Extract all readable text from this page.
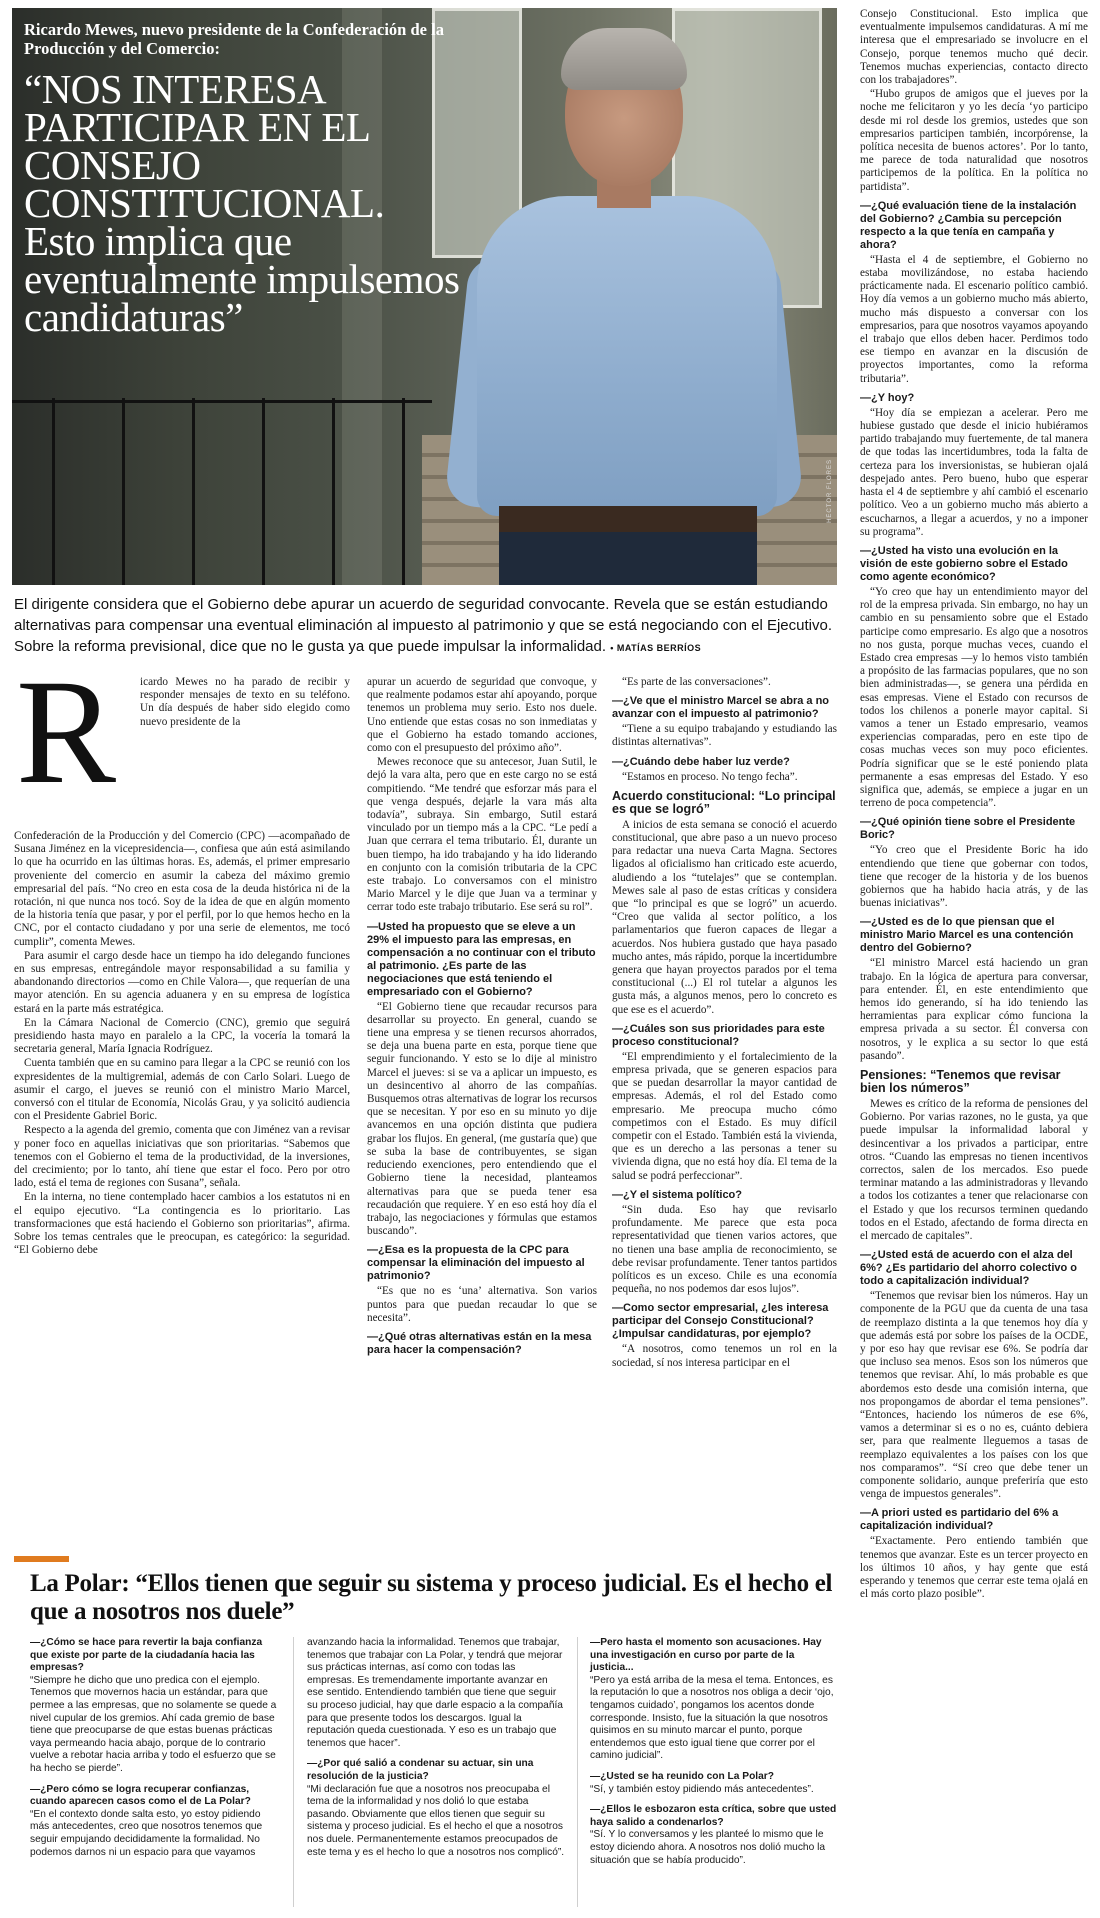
HÉCTOR FLORES
Ricardo Mewes, nuevo presidente de la Confederación de la Producción y del Comercio:
“NOS INTERESA PARTICIPAR EN EL CONSEJO CONSTITUCIONAL. Esto implica que eventualmente impulsemos candidaturas”
El dirigente considera que el Gobierno debe apurar un acuerdo de seguridad convocante. Revela que se están estudiando alternativas para compensar una eventual eliminación al impuesto al patrimonio y que se está negociando con el Ejecutivo. Sobre la reforma previsional, dice que no le gusta ya que puede impulsar la informalidad. • MATÍAS BERRÍOS
R icardo Mewes no ha parado de recibir y responder mensajes de texto en su teléfono. Un día después de haber sido elegido como nuevo presidente de la

Confederación de la Producción y del Comercio (CPC) —acompañado de Susana Jiménez en la vicepresidencia—, confiesa que aún está asimilando lo que ha ocurrido en las últimas horas. Es, además, el primer empresario proveniente del comercio en asumir la cabeza del máximo gremio empresarial del país. “No creo en esta cosa de la deuda histórica ni de la rotación, ni que nunca nos tocó. Soy de la idea de que en algún momento de la historia tenía que pasar, y por el perfil, por lo que hemos hecho en la CNC, por el contacto ciudadano y por una serie de elementos, me tocó cumplir”, comenta Mewes.

Para asumir el cargo desde hace un tiempo ha ido delegando funciones en sus empresas, entregándole mayor responsabilidad a su familia y abandonando directorios —como en Chile Valora—, que requerían de una mayor atención. En su agencia aduanera y en su empresa de logística estará en la parte más estratégica.

En la Cámara Nacional de Comercio (CNC), gremio que seguirá presidiendo hasta mayo en paralelo a la CPC, la vocería la tomará la secretaria general, María Ignacia Rodríguez.

Cuenta también que en su camino para llegar a la CPC se reunió con los expresidentes de la multigremial, además de con Carlo Solari. Luego de asumir el cargo, el jueves se reunió con el ministro Mario Marcel, conversó con el titular de Economía, Nicolás Grau, y ya solicitó audiencia con el Presidente Gabriel Boric.

Respecto a la agenda del gremio, comenta que con Jiménez van a revisar y poner foco en aquellas iniciativas que son prioritarias. “Sabemos que tenemos con el Gobierno el tema de la productividad, de la inversiones, del crecimiento; por lo tanto, ahí tiene que estar el foco. Pero por otro lado, está el tema de regiones con Susana”, señala.

En la interna, no tiene contemplado hacer cambios a los estatutos ni en el equipo ejecutivo. “La contingencia es lo prioritario. Las transformaciones que está haciendo el Gobierno son prioritarias”, afirma. Sobre los temas centrales que le preocupan, es categórico: la seguridad. “El Gobierno debe

apurar un acuerdo de seguridad que convoque, y que realmente podamos estar ahí apoyando, porque tenemos un problema muy serio. Esto nos duele. Uno entiende que estas cosas no son inmediatas y que el Gobierno ha estado tomando acciones, como con el presupuesto del próximo año”.

Mewes reconoce que su antecesor, Juan Sutil, le dejó la vara alta, pero que en este cargo no se está compitiendo. “Me tendré que esforzar más para el que venga después, dejarle la vara más alta todavía”, subraya. Sin embargo, Sutil estará vinculado por un tiempo más a la CPC. “Le pedí a Juan que cerrara el tema tributario. Él, durante un buen tiempo, ha ido trabajando y ha ido liderando en conjunto con la comisión tributaria de la CPC este trabajo. Lo conversamos con el ministro Mario Marcel y le dije que Juan va a terminar y cerrar todo este trabajo tributario. Ese será su rol”.

—Usted ha propuesto que se eleve a un 29% el impuesto para las empresas, en compensación a no continuar con el tributo al patrimonio. ¿Es parte de las negociaciones que está teniendo el empresariado con el Gobierno?

“El Gobierno tiene que recaudar recursos para desarrollar su proyecto. En general, cuando se tiene una empresa y se tienen recursos ahorrados, se deja una buena parte en esta, porque tiene que seguir funcionando. Y esto se lo dije al ministro Marcel el jueves: si se va a aplicar un impuesto, es un desincentivo al ahorro de las compañías. Busquemos otras alternativas de lograr los recursos que se necesitan. Y por eso en su minuto yo dije avancemos en una opción distinta que pudiera grabar los flujos. En general, (me gustaría que) que se suba la base de contribuyentes, se sigan reduciendo exenciones, pero entendiendo que el Gobierno tiene la necesidad, planteamos alternativas para que se pueda tener esa recaudación que requiere. Y en eso está hoy día el trabajo, las negociaciones y fórmulas que estamos buscando”.

—¿Esa es la propuesta de la CPC para compensar la eliminación del impuesto al patrimonio?

“Es que no es ‘una’ alternativa. Son varios puntos para que puedan recaudar lo que se necesita”.

—¿Qué otras alternativas están en la mesa para hacer la compensación?

“Es parte de las conversaciones”.

—¿Ve que el ministro Marcel se abra a no avanzar con el impuesto al patrimonio?

“Tiene a su equipo trabajando y estudiando las distintas alternativas”.

—¿Cuándo debe haber luz verde?

“Estamos en proceso. No tengo fecha”.

Acuerdo constitucional: “Lo principal es que se logró”

A inicios de esta semana se conoció el acuerdo constitucional, que abre paso a un nuevo proceso para redactar una nueva Carta Magna. Sectores ligados al oficialismo han criticado este acuerdo, aludiendo a los “tutelajes” que se contemplan. Mewes sale al paso de estas críticas y considera que “lo principal es que se logró” un acuerdo. “Creo que valida al sector político, a los parlamentarios que fueron capaces de llegar a acuerdos. Nos hubiera gustado que haya pasado mucho antes, más rápido, porque la incertidumbre genera que hayan proyectos parados por el tema constitucional (...) El rol tutelar a algunos les gusta más, a algunos menos, pero lo concreto es que ese es el acuerdo”.

—¿Cuáles son sus prioridades para este proceso constitucional?

“El emprendimiento y el fortalecimiento de la empresa privada, que se generen espacios para que se puedan desarrollar la mayor cantidad de empresas. Además, el rol del Estado como empresario. Me preocupa mucho cómo competimos con el Estado. Es muy difícil competir con el Estado. También está la vivienda, que es un derecho a las personas a tener su vivienda digna, que no está hoy día. El tema de la salud se podrá perfeccionar”.

—¿Y el sistema político?

“Sin duda. Eso hay que revisarlo profundamente. Me parece que esta poca representatividad que tienen varios actores, que no tienen una base amplia de reconocimiento, se debe revisar profundamente. Tener tantos partidos políticos es un exceso. Chile es una economía pequeña, no nos podemos dar esos lujos”.

—Como sector empresarial, ¿les interesa participar del Consejo Constitucional? ¿Impulsar candidaturas, por ejemplo?

“A nosotros, como tenemos un rol en la sociedad, sí nos interesa participar en el

Consejo Constitucional. Esto implica que eventualmente impulsemos candidaturas. A mí me interesa que el empresariado se involucre en el Consejo, porque tenemos mucho qué decir. Tenemos muchas experiencias, contacto directo con los trabajadores”.

“Hubo grupos de amigos que el jueves por la noche me felicitaron y yo les decía ‘yo participo desde mi rol desde los gremios, ustedes que son empresarios participen también, incorpórense, la política necesita de buenos actores’. Por lo tanto, me parece de toda naturalidad que nosotros participemos de la política. En la política no partidista”.

—¿Qué evaluación tiene de la instalación del Gobierno? ¿Cambia su percepción respecto a la que tenía en campaña y ahora?

“Hasta el 4 de septiembre, el Gobierno no estaba movilizándose, no estaba haciendo prácticamente nada. El escenario político cambió. Hoy día vemos a un gobierno mucho más abierto, mucho más dispuesto a conversar con los empresarios, para que nosotros vayamos apoyando el trabajo que ellos deben hacer. Perdimos todo ese tiempo en avanzar en la discusión de proyectos importantes, como la reforma tributaria”.

—¿Y hoy?

“Hoy día se empiezan a acelerar. Pero me hubiese gustado que desde el inicio hubiéramos partido trabajando muy fuertemente, de tal manera de que todas las incertidumbres, toda la falta de certeza para los inversionistas, se hubieran ojalá despejado antes. Pero bueno, hubo que esperar hasta el 4 de septiembre y ahí cambió el escenario político. Veo a un gobierno mucho más abierto a escucharnos, a llegar a acuerdos, y no a imponer su programa”.

—¿Usted ha visto una evolución en la visión de este gobierno sobre el Estado como agente económico?

“Yo creo que hay un entendimiento mayor del rol de la empresa privada. Sin embargo, no hay un cambio en su pensamiento sobre que el Estado participe como empresario. Es algo que a nosotros no nos gusta, porque muchas veces, cuando el Estado crea empresas —y lo hemos visto también a propósito de las farmacias populares, que no son bien administradas—, se genera una pérdida en esas empresas. Viene el Estado con recursos de todos los chilenos a ponerle mayor capital. Si vamos a tener un Estado empresario, veamos experiencias comparadas, pero en este tipo de cosas muchas veces son muy poco eficientes. Podría significar que se le esté poniendo plata permanente a esas empresas del Estado. Y eso significa que, además, se empiece a jugar en un terreno de poca competencia”.

—¿Qué opinión tiene sobre el Presidente Boric?

“Yo creo que el Presidente Boric ha ido entendiendo que tiene que gobernar con todos, tiene que recoger de la historia y de los buenos gobiernos que ha habido hacia atrás, y de las buenas iniciativas”.

—¿Usted es de lo que piensan que el ministro Mario Marcel es una contención dentro del Gobierno?

“El ministro Marcel está haciendo un gran trabajo. En la lógica de apertura para conversar, para entender. Él, en este entendimiento que hemos ido generando, sí ha ido teniendo las herramientas para explicar cómo funciona la empresa privada a su sector. Él conversa con nosotros, y le explica a su sector lo que está pasando”.

Pensiones: “Tenemos que revisar bien los números”

Mewes es crítico de la reforma de pensiones del Gobierno. Por varias razones, no le gusta, ya que puede impulsar la informalidad laboral y desincentivar a los privados a participar, entre otros. “Cuando las empresas no tienen incentivos correctos, salen de los mercados. Eso puede terminar matando a las administradoras y llevando a todos los cotizantes a tener que relacionarse con el Estado y que los recursos terminen quedando todos en el Estado, afectando de forma directa en el mercado de capitales”.

—¿Usted está de acuerdo con el alza del 6%? ¿Es partidario del ahorro colectivo o todo a capitalización individual?

“Tenemos que revisar bien los números. Hay un componente de la PGU que da cuenta de una tasa de reemplazo distinta a la que tenemos hoy día y que además está por sobre los países de la OCDE, y por eso hay que revisar ese 6%. Se podría dar que incluso sea menos. Esos son los números que tenemos que revisar. Ahí, lo más probable es que abordemos esto desde una comisión interna, que nos propongamos de abordar el tema pensiones”. “Entonces, haciendo los números de ese 6%, vamos a determinar si es o no es, cuánto debiera ser, para que realmente lleguemos a tasas de reemplazo equivalentes a los países con los que nos comparamos”. “Sí creo que debe tener un componente solidario, aunque preferiría que esto venga de impuestos generales”.

—A priori usted es partidario del 6% a capitalización individual?

“Exactamente. Pero entiendo también que tenemos que avanzar. Este es un tercer proyecto en los últimos 10 años, y hay gente que está esperando y tenemos que cerrar este tema ojalá en el más corto plazo posible”.

La Polar: “Ellos tienen que seguir su sistema y proceso judicial. Es el hecho el que a nosotros nos duele”

—¿Cómo se hace para revertir la baja confianza que existe por parte de la ciudadanía hacia las empresas?

“Siempre he dicho que uno predica con el ejemplo. Tenemos que movernos hacia un estándar, para que permee a las empresas, que no solamente se quede a nivel cupular de los gremios. Ahí cada gremio de base tiene que preocuparse de que estas buenas prácticas vaya permeando hacia abajo, porque de lo contrario vuelve a rebotar hacia arriba y todo el esfuerzo que se ha hecho se pierde”.

—¿Pero cómo se logra recuperar confianzas, cuando aparecen casos como el de La Polar?

“En el contexto donde salta esto, yo estoy pidiendo más antecedentes, creo que nosotros tenemos que seguir empujando decididamente la formalidad. No podemos darnos ni un espacio para que vayamos

avanzando hacia la informalidad. Tenemos que trabajar, tenemos que trabajar con La Polar, y tendrá que mejorar sus prácticas internas, así como con todas las empresas. Es tremendamente importante avanzar en ese sentido. Entendiendo también que tiene que seguir su proceso judicial, hay que darle espacio a la compañía para que presente todos los descargos. Igual la reputación queda cuestionada. Y eso es un trabajo que tenemos que hacer”.

—¿Por qué salió a condenar su actuar, sin una resolución de la justicia?

“Mi declaración fue que a nosotros nos preocupaba el tema de la informalidad y nos dolió lo que estaba pasando. Obviamente que ellos tienen que seguir su sistema y proceso judicial. Es el hecho el que a nosotros nos duele. Permanentemente estamos preocupados de este tema y es el hecho lo que a nosotros nos complicó”.

—Pero hasta el momento son acusaciones. Hay una investigación en curso por parte de la justicia...

“Pero ya está arriba de la mesa el tema. Entonces, es la reputación lo que a nosotros nos obliga a decir ‘ojo, tengamos cuidado’, pongamos los acentos donde corresponde. Insisto, fue la situación la que nosotros quisimos en su minuto marcar el punto, porque entendemos que esto igual tiene que correr por el camino judicial”.

—¿Usted se ha reunido con La Polar?

“Sí, y también estoy pidiendo más antecedentes”.

—¿Ellos le esbozaron esta crítica, sobre que usted haya salido a condenarlos?

“Sí. Y lo conversamos y les planteé lo mismo que le estoy diciendo ahora. A nosotros nos dolió mucho la situación que se había producido”.
